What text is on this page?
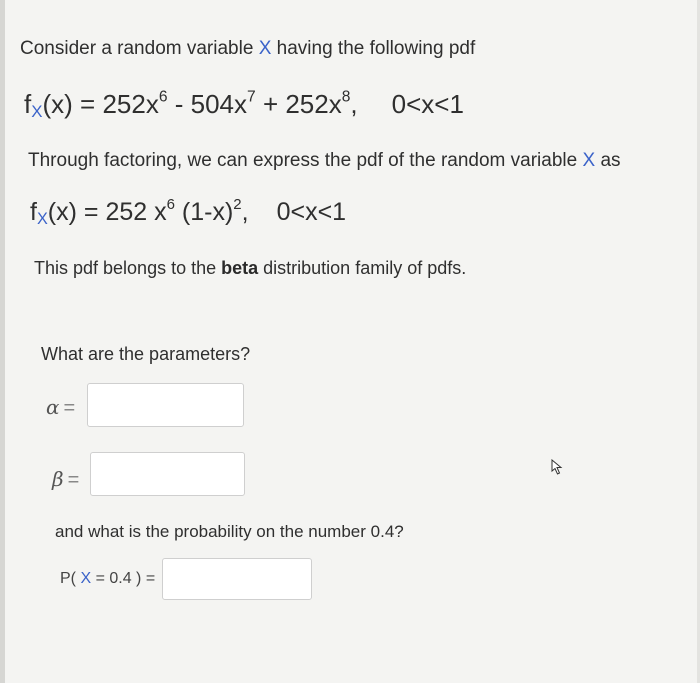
Consider a random variable X having the following pdf
$f_X(x) = 252x^6 - 504x^7 + 252x^8$, 0<x<1
Through factoring, we can express the pdf of the random variable X as
$f_X(x) = 252$ $x^6$ $(1-x)^2$, 0<x<1
This pdf belongs to the beta distribution family of pdfs.
What are the parameters?
α =
β =
and what is the probability on the number 0.4?
P( X = 0.4 ) =
